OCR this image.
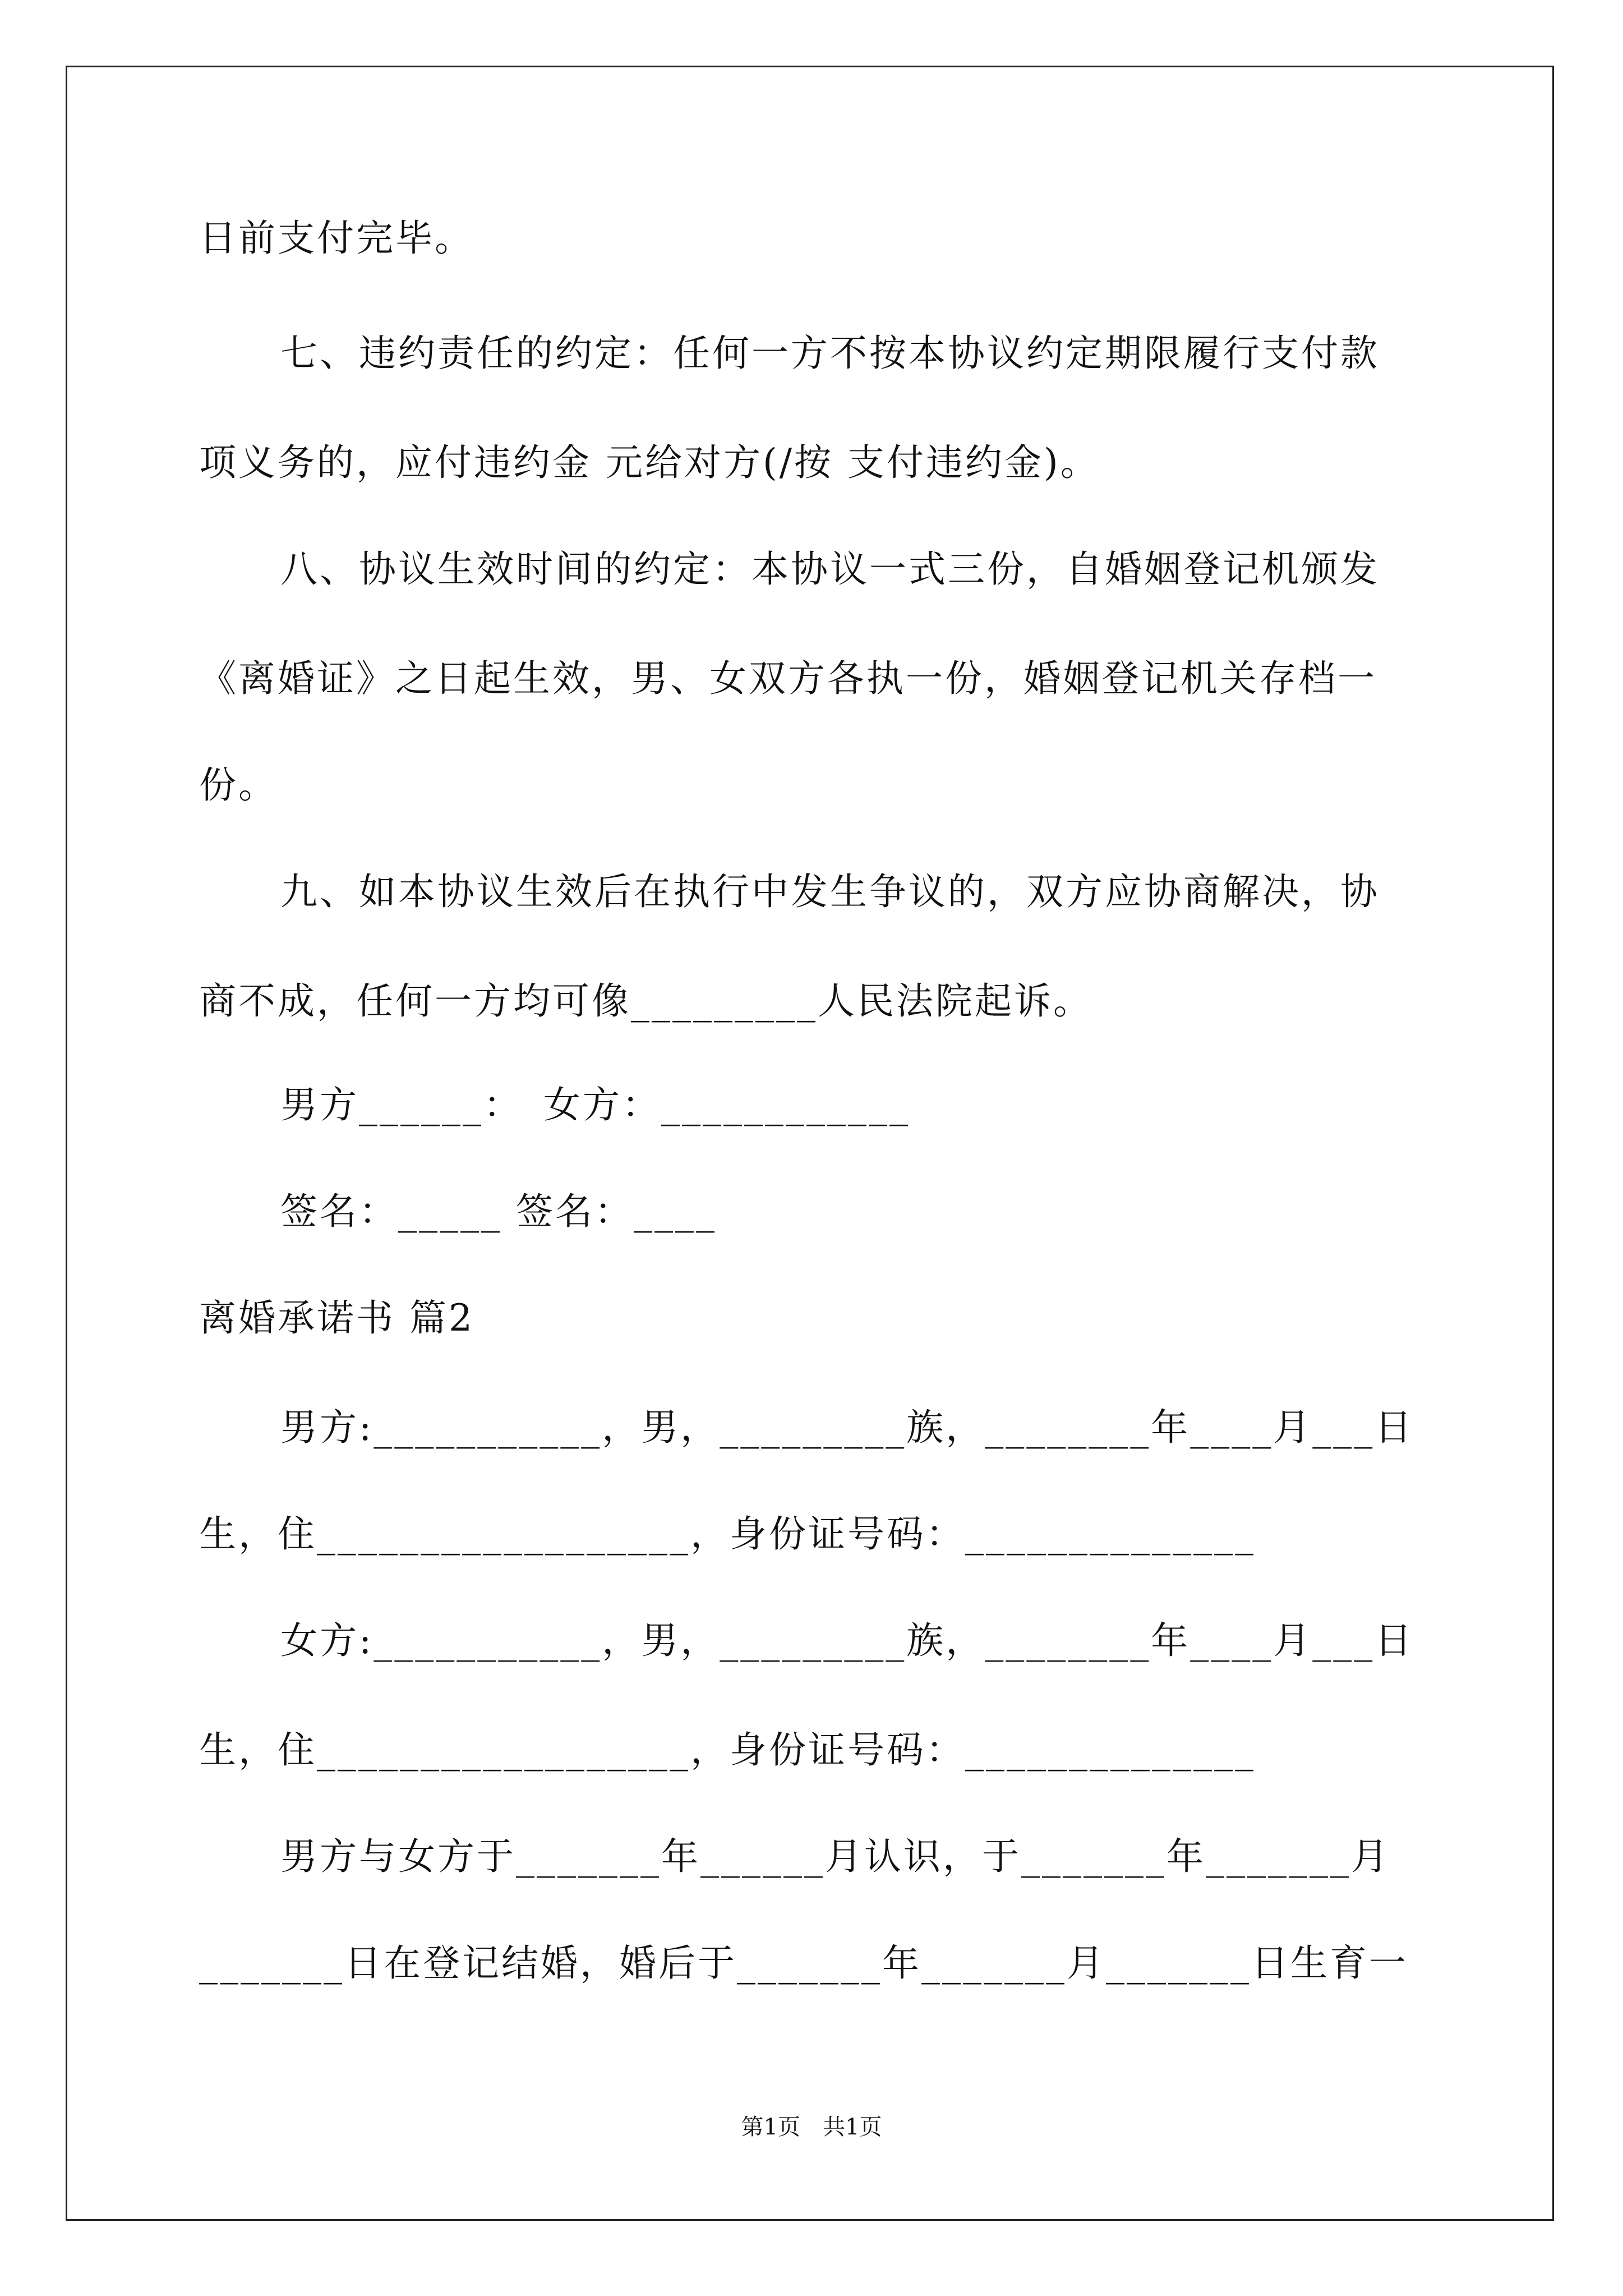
日前支付完毕。
七、违约责任的约定：任何一方不按本协议约定期限履行支付款
项义务的，应付违约金 元给对方(/按 支付违约金)。
八、协议生效时间的约定：本协议一式三份，自婚姻登记机颁发
《离婚证》之日起生效，男、女双方各执一份，婚姻登记机关存档一
份。
九、如本协议生效后在执行中发生争议的，双方应协商解决，协
商不成，任何一方均可像_________人民法院起诉。
男方______：　女方：____________
签名：_____ 签名：____
离婚承诺书 篇2
男方:___________，男，_________族，________年____月___日
生，住__________________，身份证号码：______________
女方:___________，男，_________族，________年____月___日
生，住__________________，身份证号码：______________
男方与女方于_______年______月认识，于_______年_______月
_______日在登记结婚，婚后于_______年_______月_______日生育一
第1页　共1页
